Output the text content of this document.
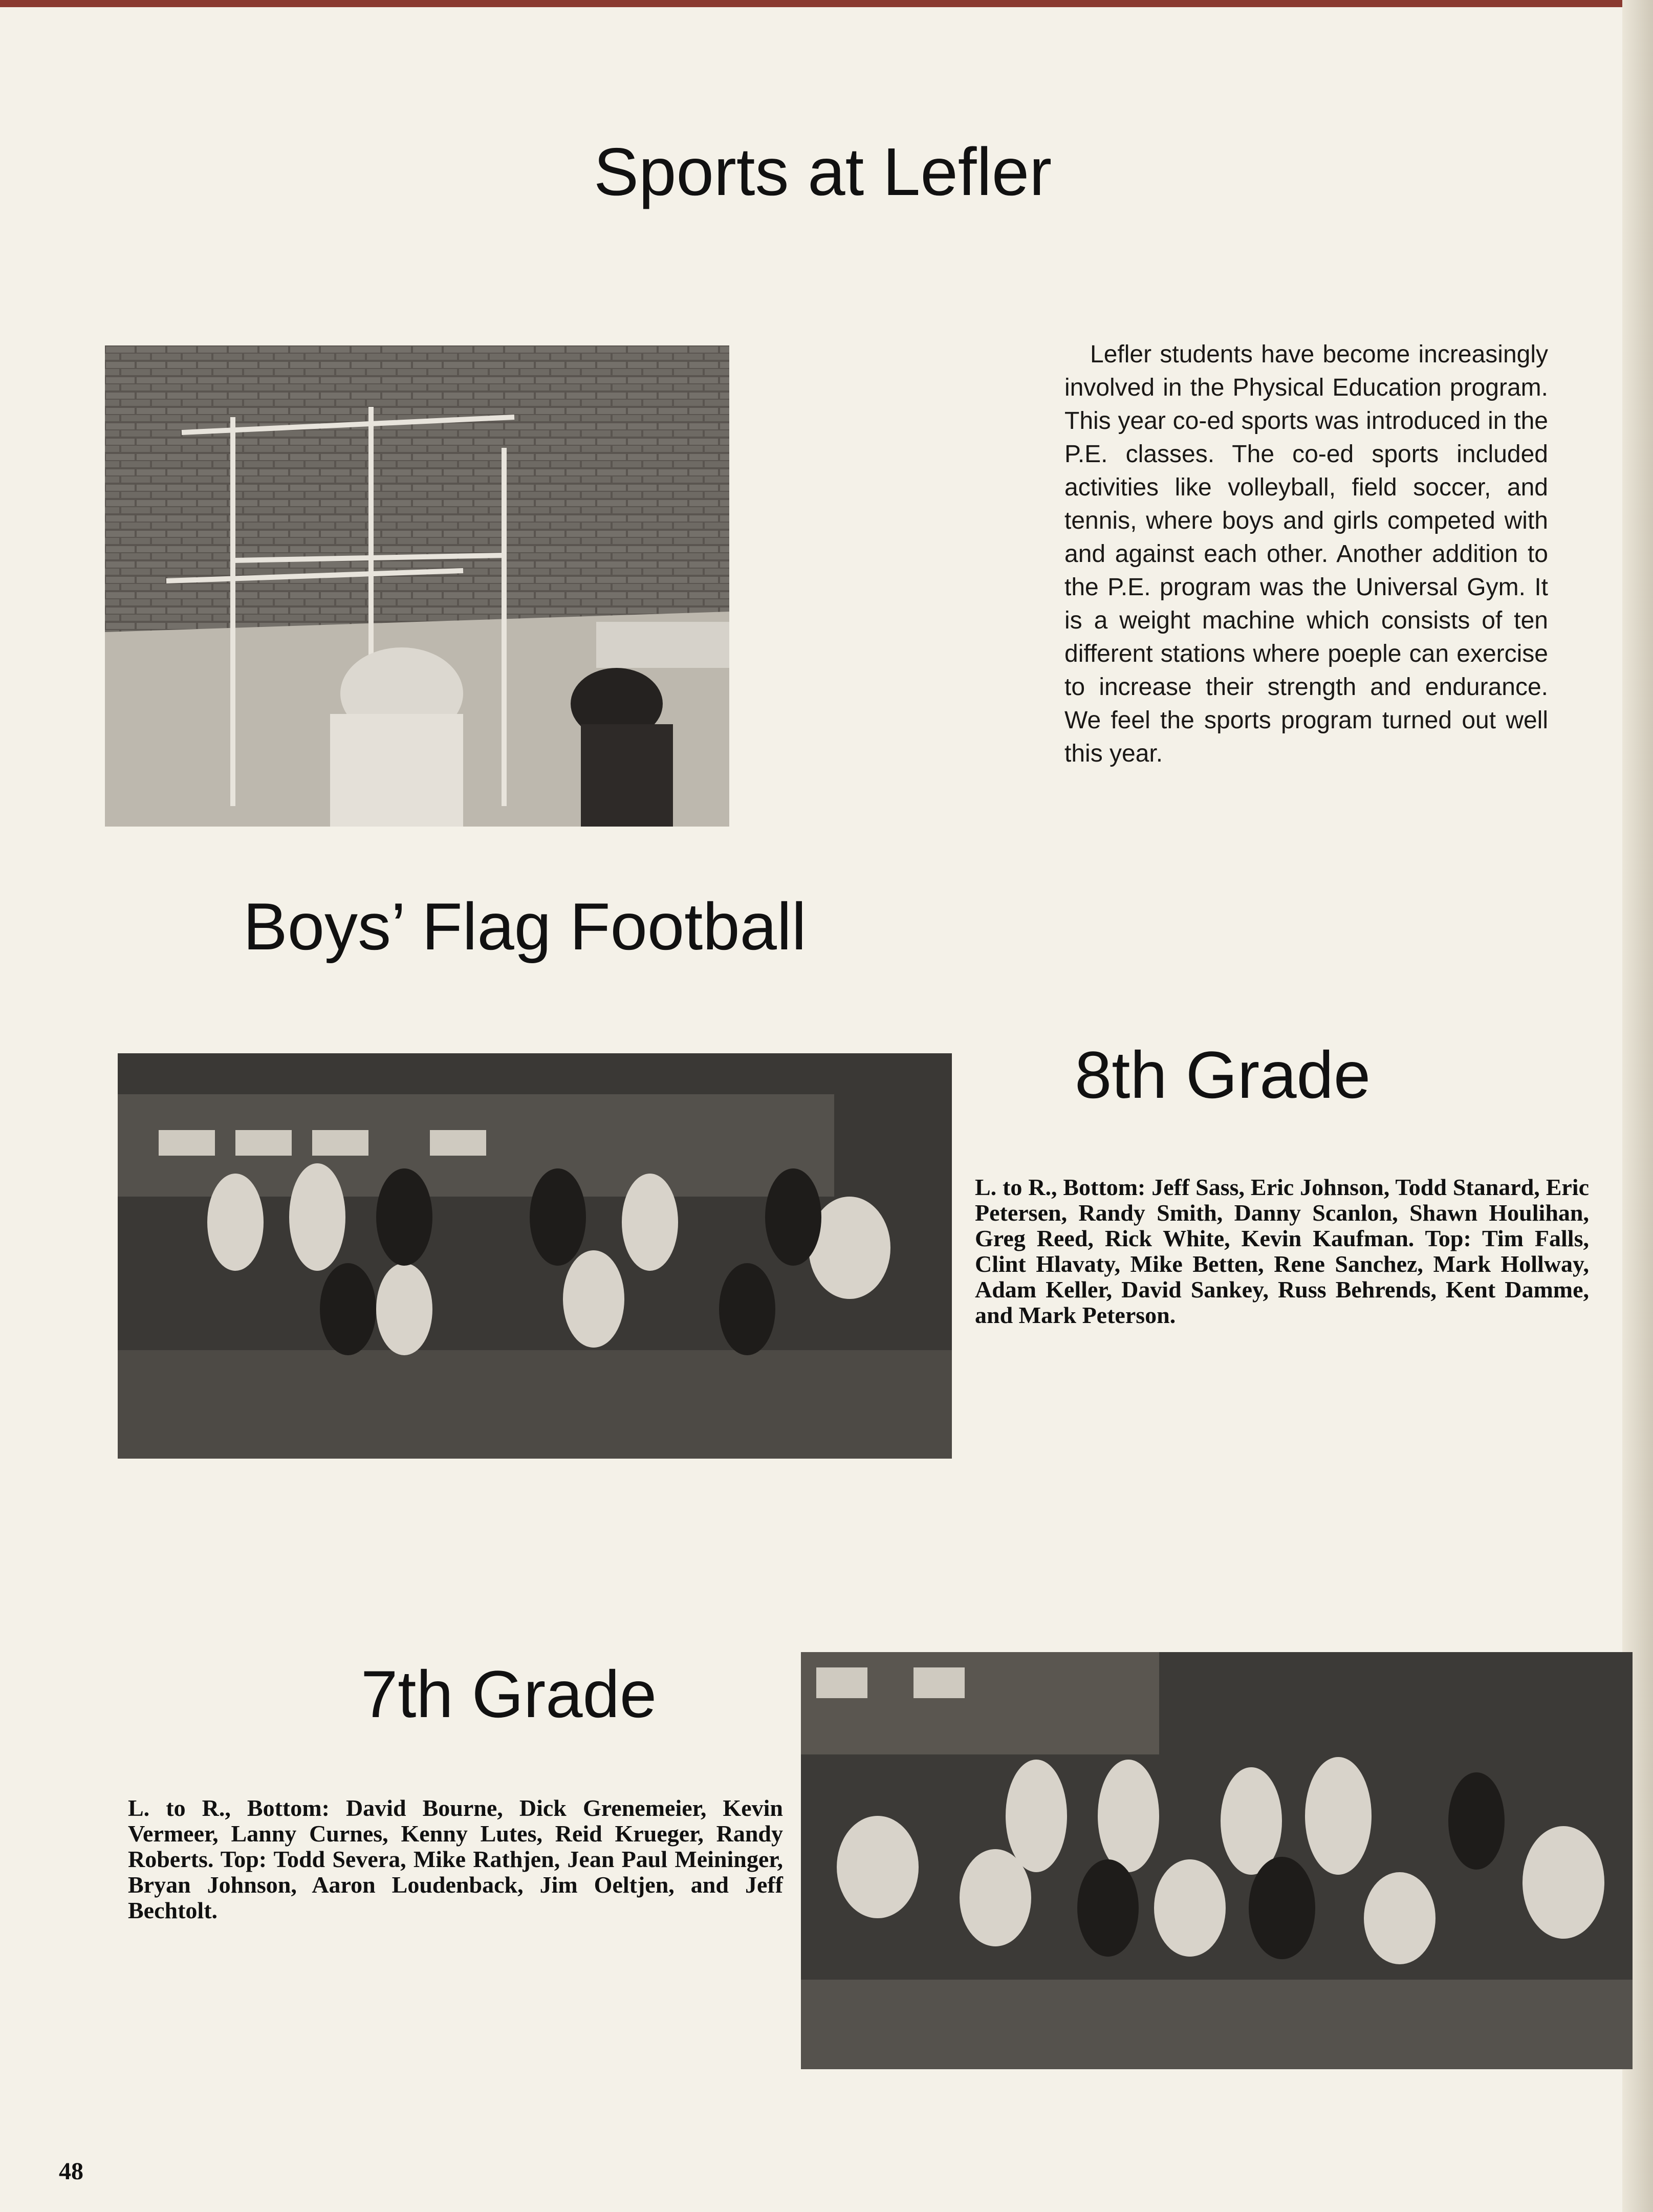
Sports at Lefler

Lefler students have become increasingly involved in the Physical Education program. This year co-ed sports was introduced in the P.E. classes. The co-ed sports included activities like volleyball, field soccer, and tennis, where boys and girls competed with and against each other. Another addition to the P.E. program was the Universal Gym. It is a weight machine which consists of ten different stations where poeple can exercise to increase their strength and endurance. We feel the sports program turned out well this year.

Boys’ Flag Football
8th Grade

L. to R., Bottom: Jeff Sass, Eric Johnson, Todd Stanard, Eric Petersen, Randy Smith, Danny Scanlon, Shawn Houlihan, Greg Reed, Rick White, Kevin Kaufman. Top: Tim Falls, Clint Hlavaty, Mike Betten, Rene Sanchez, Mark Hollway, Adam Keller, David Sankey, Russ Behrends, Kent Damme, and Mark Peterson.

7th Grade

L. to R., Bottom: David Bourne, Dick Grenemeier, Kevin Vermeer, Lanny Curnes, Kenny Lutes, Reid Krueger, Randy Roberts. Top: Todd Severa, Mike Rathjen, Jean Paul Meininger, Bryan Johnson, Aaron Loudenback, Jim Oeltjen, and Jeff Bechtolt.

48
